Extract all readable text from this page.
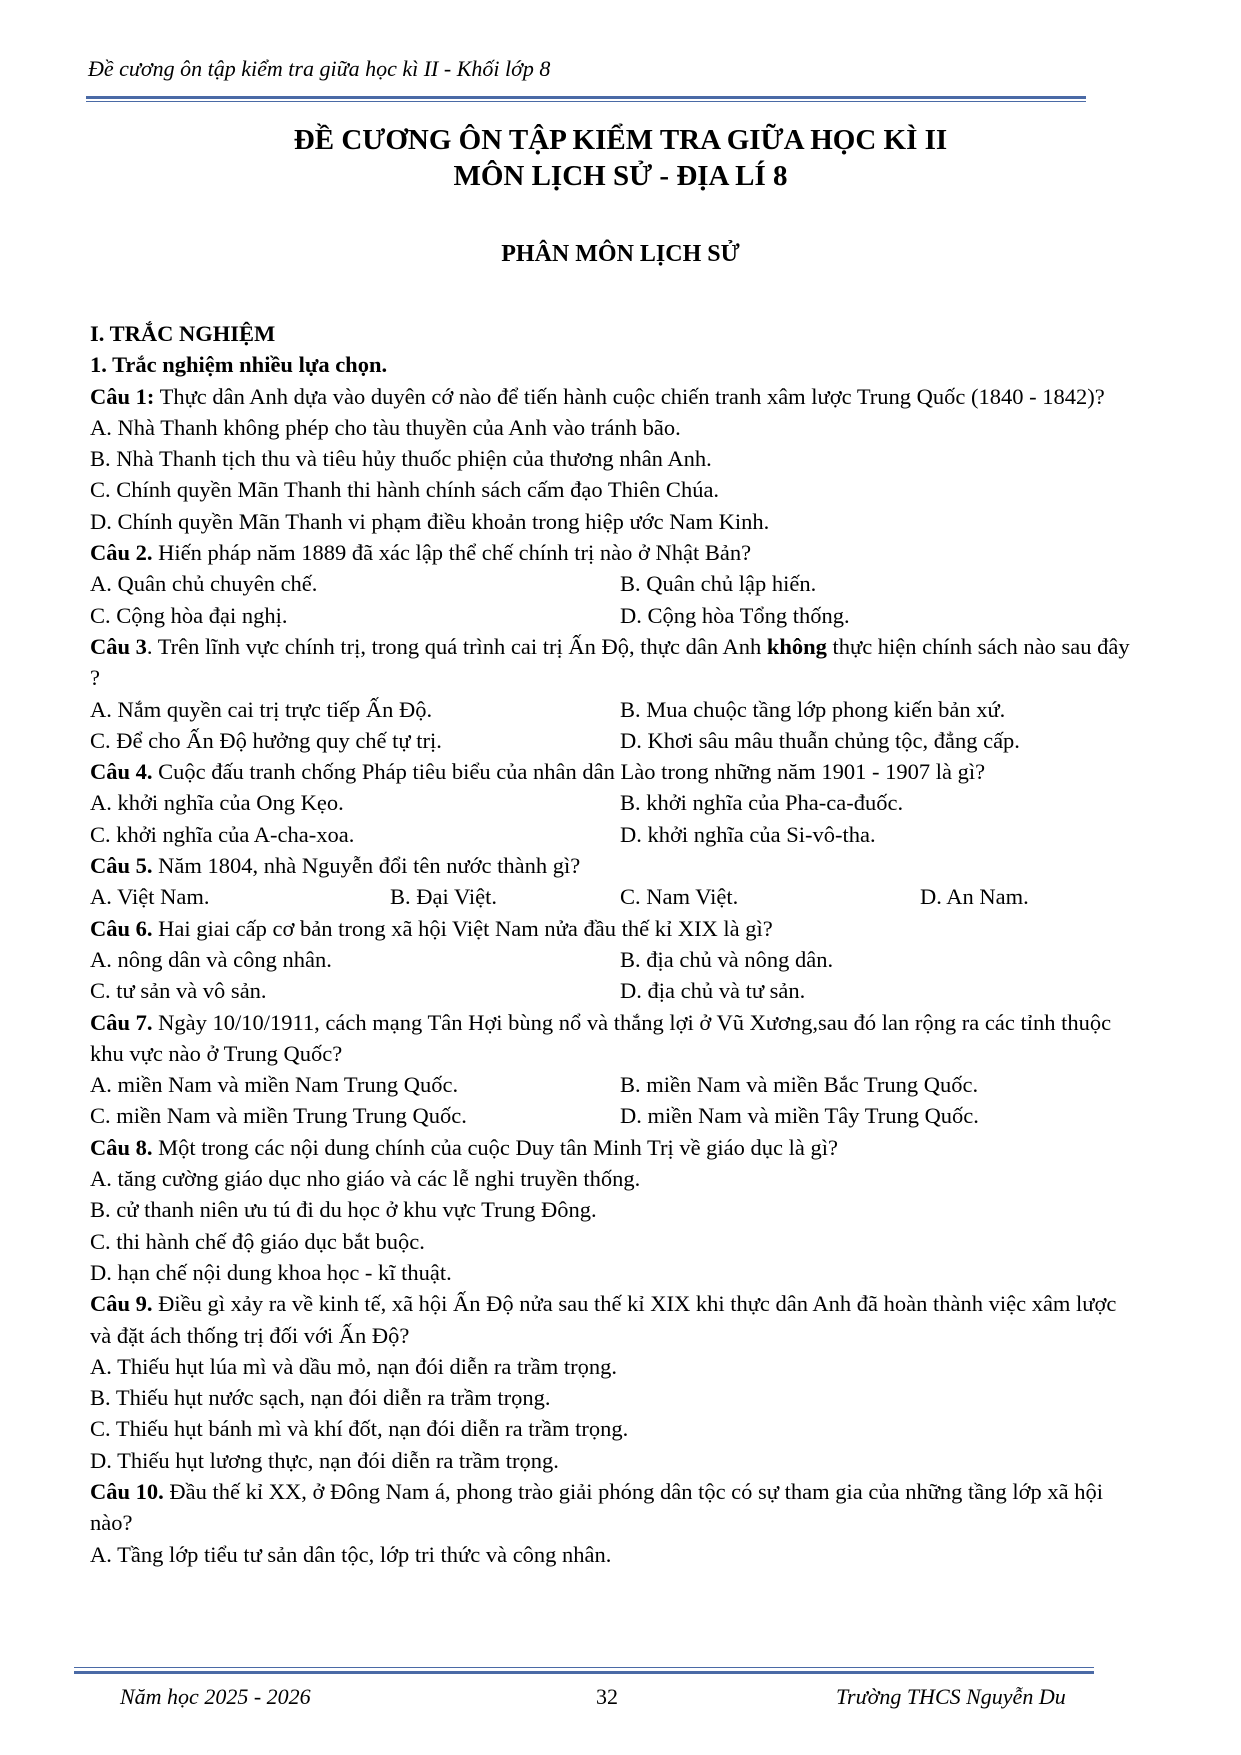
Đề cương ôn tập kiểm tra giữa học kì II - Khối lớp 8
ĐỀ CƯƠNG ÔN TẬP KIỂM TRA GIỮA HỌC KÌ II
MÔN LỊCH SỬ - ĐỊA LÍ 8
PHÂN MÔN LỊCH SỬ

I. TRẮC NGHIỆM

1. Trắc nghiệm nhiều lựa chọn.

Câu 1: Thực dân Anh dựa vào duyên cớ nào để tiến hành cuộc chiến tranh xâm lược Trung Quốc (1840 - 1842)?

A. Nhà Thanh không phép cho tàu thuyền của Anh vào tránh bão.

B. Nhà Thanh tịch thu và tiêu hủy thuốc phiện của thương nhân Anh.

C. Chính quyền Mãn Thanh thi hành chính sách cấm đạo Thiên Chúa.

D. Chính quyền Mãn Thanh vi phạm điều khoản trong hiệp ước Nam Kinh.

Câu 2. Hiến pháp năm 1889 đã xác lập thể chế chính trị nào ở Nhật Bản?

A. Quân chủ chuyên chế.	B. Quân chủ lập hiến.
C. Cộng hòa đại nghị.	D. Cộng hòa Tổng thống.

Câu 3. Trên lĩnh vực chính trị, trong quá trình cai trị Ấn Độ, thực dân Anh không thực hiện chính sách nào sau đây ?

A. Nắm quyền cai trị trực tiếp Ấn Độ.	B. Mua chuộc tầng lớp phong kiến bản xứ.
C. Để cho Ấn Độ hưởng quy chế tự trị.	D. Khơi sâu mâu thuẫn chủng tộc, đẳng cấp.

Câu 4. Cuộc đấu tranh chống Pháp tiêu biểu của nhân dân Lào trong những năm 1901 - 1907 là gì?

A. khởi nghĩa của Ong Kẹo.	B. khởi nghĩa của Pha-ca-đuốc.
C. khởi nghĩa của A-cha-xoa.	D. khởi nghĩa của Si-vô-tha.

Câu 5. Năm 1804, nhà Nguyễn đổi tên nước thành gì?

A. Việt Nam.	B. Đại Việt.	C. Nam Việt.	D. An Nam.

Câu 6. Hai giai cấp cơ bản trong xã hội Việt Nam nửa đầu thế kỉ XIX là gì?

A. nông dân và công nhân.	B. địa chủ và nông dân.
C. tư sản và vô sản.	D. địa chủ và tư sản.

Câu 7. Ngày 10/10/1911, cách mạng Tân Hợi bùng nổ và thắng lợi ở Vũ Xương,sau đó lan rộng ra các tỉnh thuộc khu vực nào ở Trung Quốc?

A. miền Nam và miền Nam Trung Quốc.	B. miền Nam và miền Bắc Trung Quốc.
C. miền Nam và miền Trung Trung Quốc.	D. miền Nam và miền Tây Trung Quốc.

Câu 8. Một trong các nội dung chính của cuộc Duy tân Minh Trị về giáo dục là gì?

A. tăng cường giáo dục nho giáo và các lễ nghi truyền thống.

B. cử thanh niên ưu tú đi du học ở khu vực Trung Đông.

C. thi hành chế độ giáo dục bắt buộc.

D. hạn chế nội dung khoa học - kĩ thuật.

Câu 9. Điều gì xảy ra về kinh tế, xã hội Ấn Độ nửa sau thế kỉ XIX khi thực dân Anh đã hoàn thành việc xâm lược và đặt ách thống trị đối với Ấn Độ?

A. Thiếu hụt lúa mì và dầu mỏ, nạn đói diễn ra trầm trọng.

B. Thiếu hụt nước sạch, nạn đói diễn ra trầm trọng.

C. Thiếu hụt bánh mì và khí đốt, nạn đói diễn ra trầm trọng.

D. Thiếu hụt lương thực, nạn đói diễn ra trầm trọng.

Câu 10. Đầu thế kỉ XX, ở Đông Nam á, phong trào giải phóng dân tộc có sự tham gia của những tầng lớp xã hội nào?

A. Tầng lớp tiểu tư sản dân tộc, lớp tri thức và công nhân.

Năm học 2025 - 2026	32	Trường THCS Nguyễn Du
